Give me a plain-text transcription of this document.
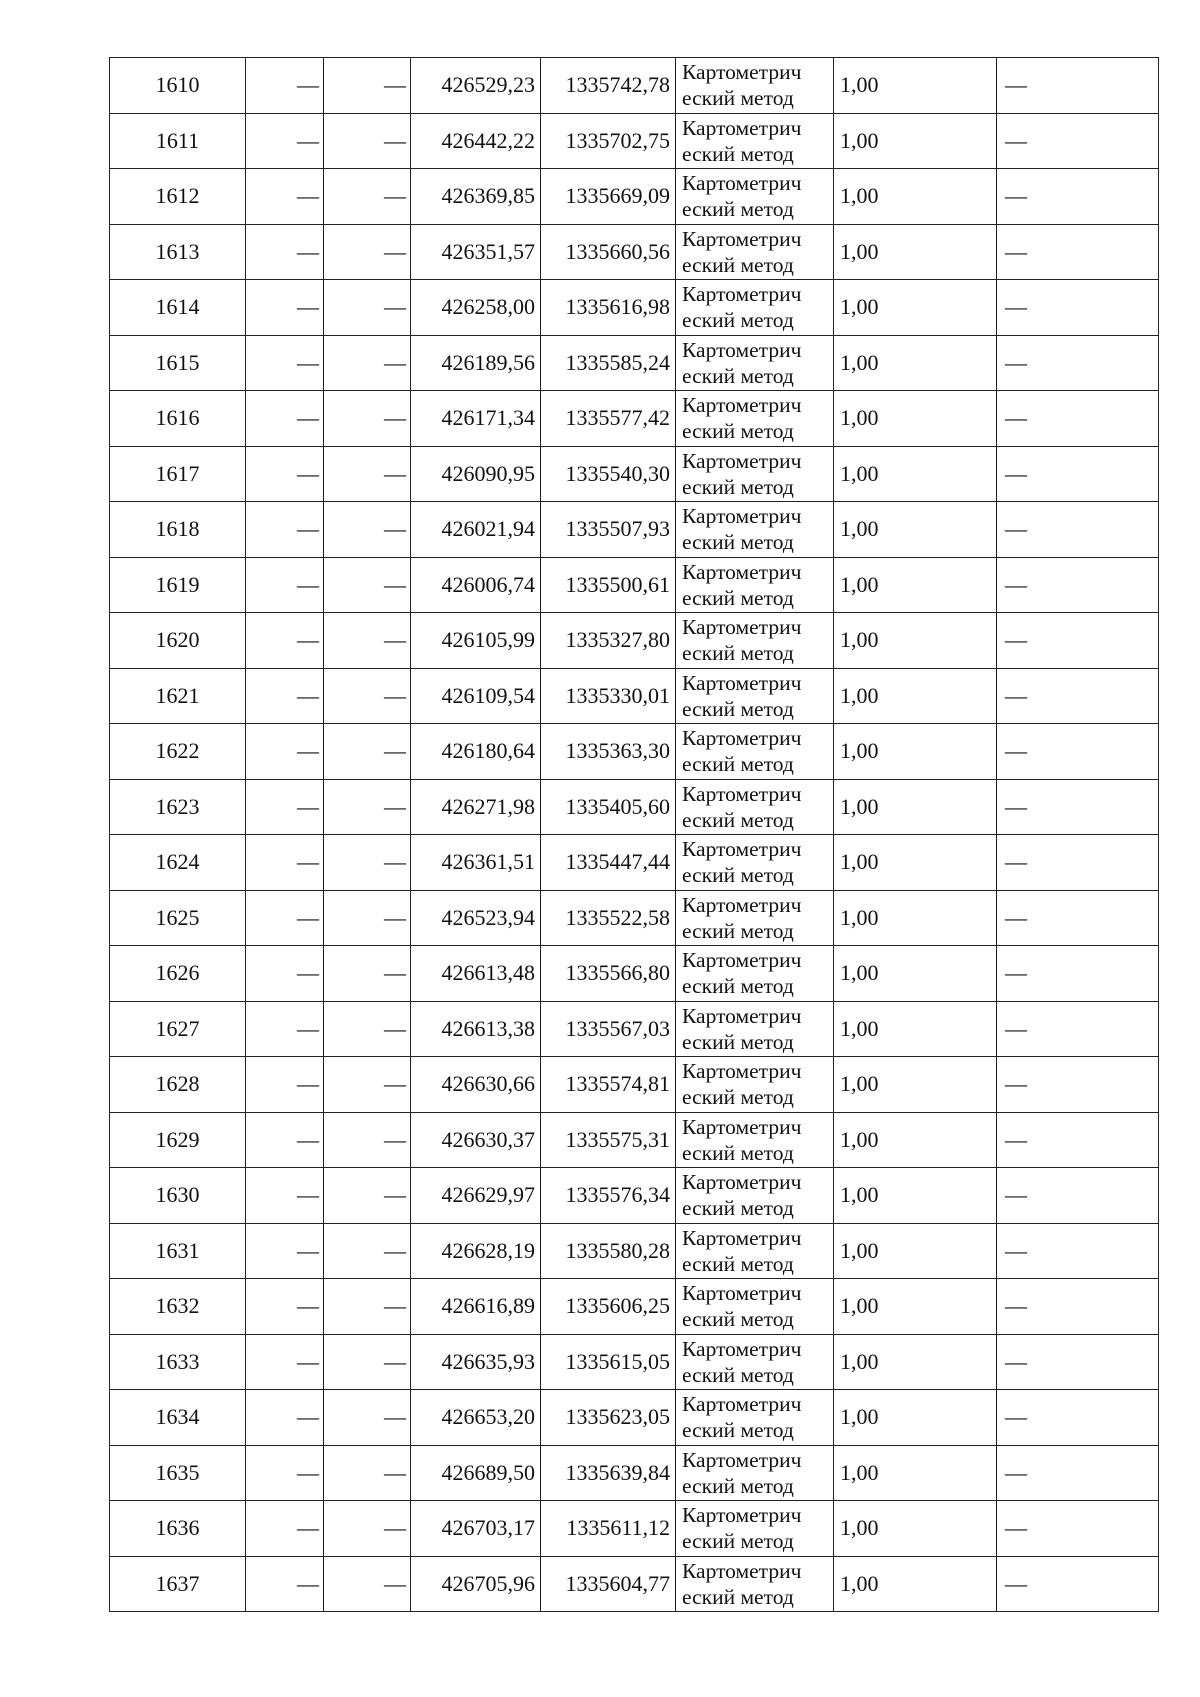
1610	—	—	426529,23	1335742,78	Картометрич
еский метод	1,00	—
1611	—	—	426442,22	1335702,75	Картометрич
еский метод	1,00	—
1612	—	—	426369,85	1335669,09	Картометрич
еский метод	1,00	—
1613	—	—	426351,57	1335660,56	Картометрич
еский метод	1,00	—
1614	—	—	426258,00	1335616,98	Картометрич
еский метод	1,00	—
1615	—	—	426189,56	1335585,24	Картометрич
еский метод	1,00	—
1616	—	—	426171,34	1335577,42	Картометрич
еский метод	1,00	—
1617	—	—	426090,95	1335540,30	Картометрич
еский метод	1,00	—
1618	—	—	426021,94	1335507,93	Картометрич
еский метод	1,00	—
1619	—	—	426006,74	1335500,61	Картометрич
еский метод	1,00	—
1620	—	—	426105,99	1335327,80	Картометрич
еский метод	1,00	—
1621	—	—	426109,54	1335330,01	Картометрич
еский метод	1,00	—
1622	—	—	426180,64	1335363,30	Картометрич
еский метод	1,00	—
1623	—	—	426271,98	1335405,60	Картометрич
еский метод	1,00	—
1624	—	—	426361,51	1335447,44	Картометрич
еский метод	1,00	—
1625	—	—	426523,94	1335522,58	Картометрич
еский метод	1,00	—
1626	—	—	426613,48	1335566,80	Картометрич
еский метод	1,00	—
1627	—	—	426613,38	1335567,03	Картометрич
еский метод	1,00	—
1628	—	—	426630,66	1335574,81	Картометрич
еский метод	1,00	—
1629	—	—	426630,37	1335575,31	Картометрич
еский метод	1,00	—
1630	—	—	426629,97	1335576,34	Картометрич
еский метод	1,00	—
1631	—	—	426628,19	1335580,28	Картометрич
еский метод	1,00	—
1632	—	—	426616,89	1335606,25	Картометрич
еский метод	1,00	—
1633	—	—	426635,93	1335615,05	Картометрич
еский метод	1,00	—
1634	—	—	426653,20	1335623,05	Картометрич
еский метод	1,00	—
1635	—	—	426689,50	1335639,84	Картометрич
еский метод	1,00	—
1636	—	—	426703,17	1335611,12	Картометрич
еский метод	1,00	—
1637	—	—	426705,96	1335604,77	Картометрич
еский метод	1,00	—
